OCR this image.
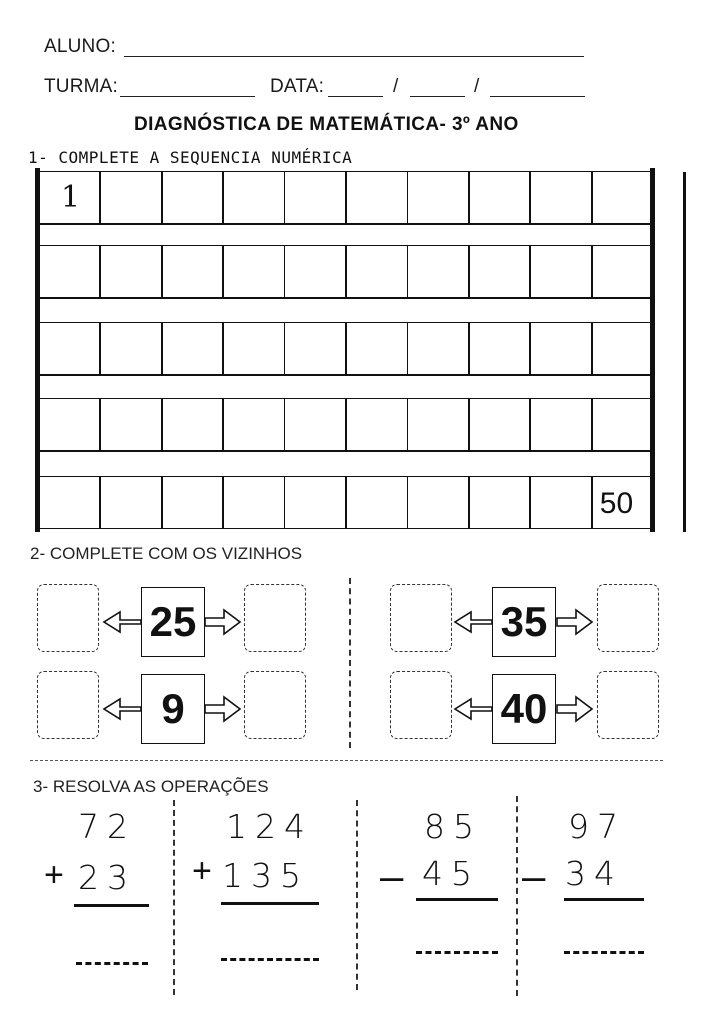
ALUNO:
TURMA:	DATA:	/	/
DIAGNÓSTICA DE MATEMÁTICA- 3º ANO
1- COMPLETE A SEQUENCIA NUMÉRICA
1
50
2- COMPLETE COM OS VIZINHOS
25	35
9	40
3- RESOLVA AS OPERAÇÕES
72
+ 23
124
+ 135
85
– 45
97
– 34
